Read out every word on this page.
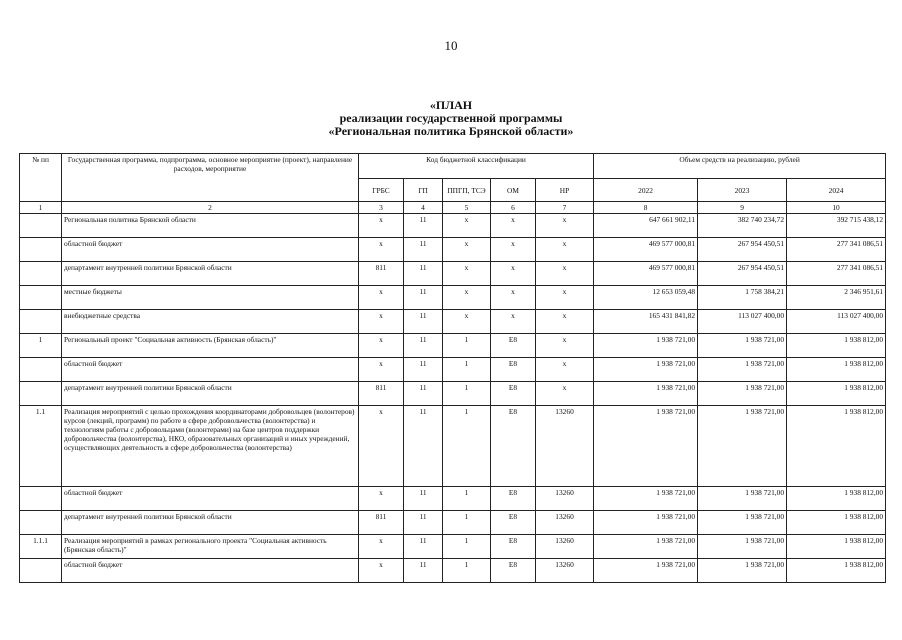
10
«ПЛАН
реализации государственной программы
«Региональная политика Брянской области»
№ пп	Государственная программа, подпрограмма, основное мероприятие (проект), направление расходов, мероприятие	Код бюджетной классификации					Объем средств на реализацию, рублей		
		ГРБС	ГП	ППГП, ТСЭ	ОМ	НР	2022	2023	2024
1	2	3	4	5	6	7	8	9	10
	Региональная политика Брянской области	х	11	х	х	х	647 661 902,11	382 740 234,72	392 715 438,12
	областной бюджет	х	11	х	х	х	469 577 000,81	267 954 450,51	277 341 086,51
	департамент внутренней политики Брянской области	811	11	х	х	х	469 577 000,81	267 954 450,51	277 341 086,51
	местные бюджеты	х	11	х	х	х	12 653 059,48	1 758 384,21	2 346 951,61
	внебюджетные средства	х	11	х	х	х	165 431 841,82	113 027 400,00	113 027 400,00
1	Региональный проект "Социальная активность (Брянская область)"	х	11	1	Е8	х	1 938 721,00	1 938 721,00	1 938 812,00
	областной бюджет	х	11	1	Е8	х	1 938 721,00	1 938 721,00	1 938 812,00
	департамент внутренней политики Брянской области	811	11	1	Е8	х	1 938 721,00	1 938 721,00	1 938 812,00
1.1	Реализация мероприятий с целью прохождения координаторами добровольцев (волонтеров) курсов (лекций, программ) по работе в сфере добровольчества (волонтерства) и технологиям работы с добровольцами (волонтерами) на базе центров поддержки добровольчества (волонтерства), НКО, образовательных организаций и иных учреждений, осуществляющих деятельность в сфере добровольчества (волонтерства)	х	11	1	Е8	13260	1 938 721,00	1 938 721,00	1 938 812,00
	областной бюджет	х	11	1	Е8	13260	1 938 721,00	1 938 721,00	1 938 812,00
	департамент внутренней политики Брянской области	811	11	1	Е8	13260	1 938 721,00	1 938 721,00	1 938 812,00
1.1.1	Реализация мероприятий в рамках регионального проекта "Социальная активность (Брянская область)"	х	11	1	Е8	13260	1 938 721,00	1 938 721,00	1 938 812,00
	областной бюджет	х	11	1	Е8	13260	1 938 721,00	1 938 721,00	1 938 812,00
